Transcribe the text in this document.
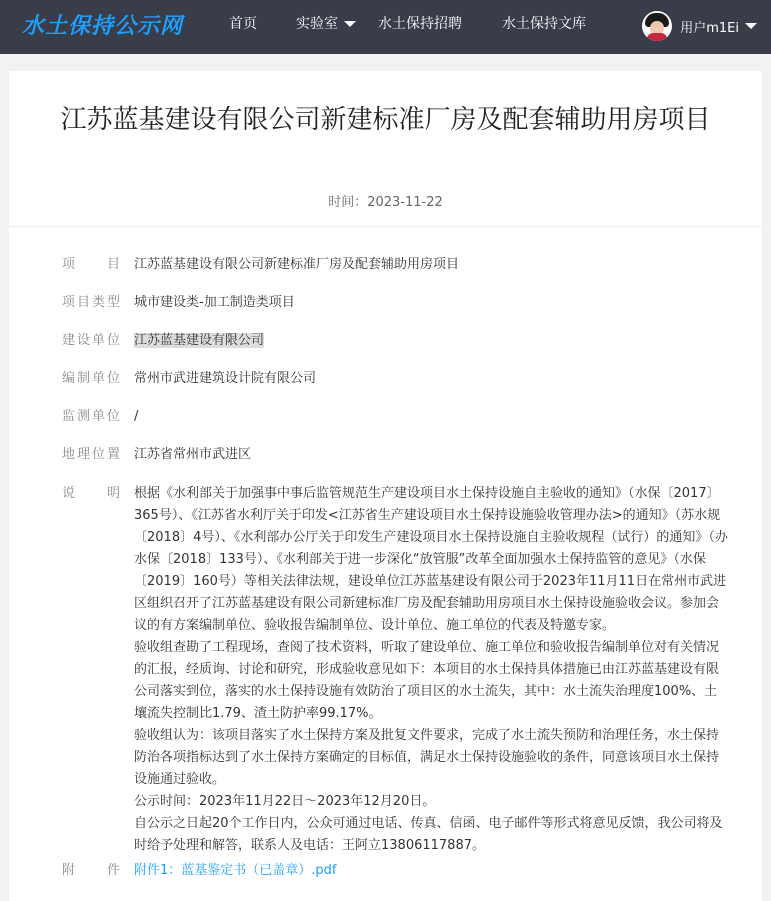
水土保持公示网	首页	实验室	水土保持招聘	水土保持文库	用户m1Ei
江苏蓝基建设有限公司新建标准厂房及配套辅助用房项目
时间：2023-11-22
项目 江苏蓝基建设有限公司新建标准厂房及配套辅助用房项目
项目类型 城市建设类-加工制造类项目
建设单位 江苏蓝基建设有限公司
编制单位 常州市武进建筑设计院有限公司
监测单位 /
地理位置 江苏省常州市武进区
说明 根据《水利部关于加强事中事后监管规范生产建设项目水土保持设施自主验收的通知》（水保〔2017〕365号）、《江苏省水利厅关于印发<江苏省生产建设项目水土保持设施验收管理办法>的通知》（苏水规〔2018〕4号）、《水利部办公厅关于印发生产建设项目水土保持设施自主验收规程（试行）的通知》（办水保〔2018〕133号）、《水利部关于进一步深化“放管服”改革全面加强水土保持监管的意见》（水保〔2019〕160号）等相关法律法规，建设单位江苏蓝基建设有限公司于2023年11月11日在常州市武进区组织召开了江苏蓝基建设有限公司新建标准厂房及配套辅助用房项目水土保持设施验收会议。参加会议的有方案编制单位、验收报告编制单位、设计单位、施工单位的代表及特邀专家。

验收组查勘了工程现场，查阅了技术资料，听取了建设单位、施工单位和验收报告编制单位对有关情况的汇报，经质询、讨论和研究，形成验收意见如下：本项目的水土保持具体措施已由江苏蓝基建设有限公司落实到位，落实的水土保持设施有效防治了项目区的水土流失，其中：水土流失治理度100%、土壤流失控制比1.79、渣土防护率99.17%。

验收组认为：该项目落实了水土保持方案及批复文件要求，完成了水土流失预防和治理任务，水土保持防治各项指标达到了水土保持方案确定的目标值，满足水土保持设施验收的条件，同意该项目水土保持设施通过验收。

公示时间：2023年11月22日～2023年12月20日。

自公示之日起20个工作日内，公众可通过电话、传真、信函、电子邮件等形式将意见反馈，我公司将及时给予处理和解答，联系人及电话：王阿立13806117887。

附件 附件1：蓝基鉴定书（已盖章）.pdf
